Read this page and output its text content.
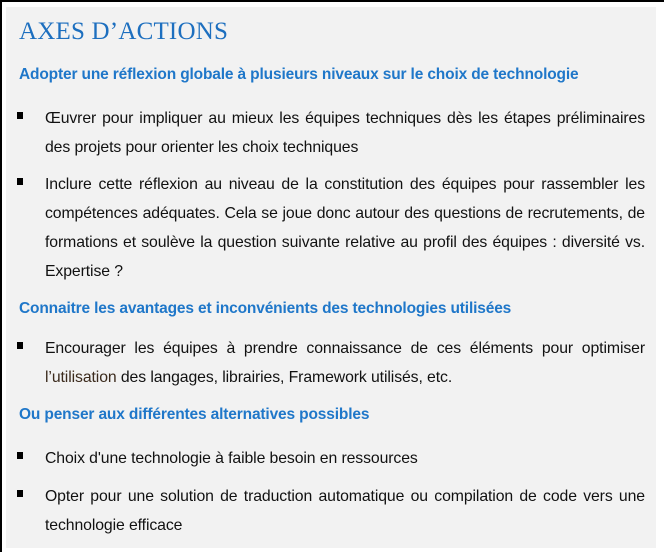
AXES D’ACTIONS
Adopter une réflexion globale à plusieurs niveaux sur le choix de technologie
Œuvrer pour impliquer au mieux les équipes techniques dès les étapes préliminaires des projets pour orienter les choix techniques
Inclure cette réflexion au niveau de la constitution des équipes pour rassembler les compétences adéquates. Cela se joue donc autour des questions de recrutements, de formations et soulève la question suivante relative au profil des équipes : diversité vs. Expertise ?
Connaitre les avantages et inconvénients des technologies utilisées
Encourager les équipes à prendre connaissance de ces éléments pour optimiser l’utilisation des langages, librairies, Framework utilisés, etc.
Ou penser aux différentes alternatives possibles
Choix d'une technologie à faible besoin en ressources
Opter pour une solution de traduction automatique ou compilation de code vers une technologie efficace
